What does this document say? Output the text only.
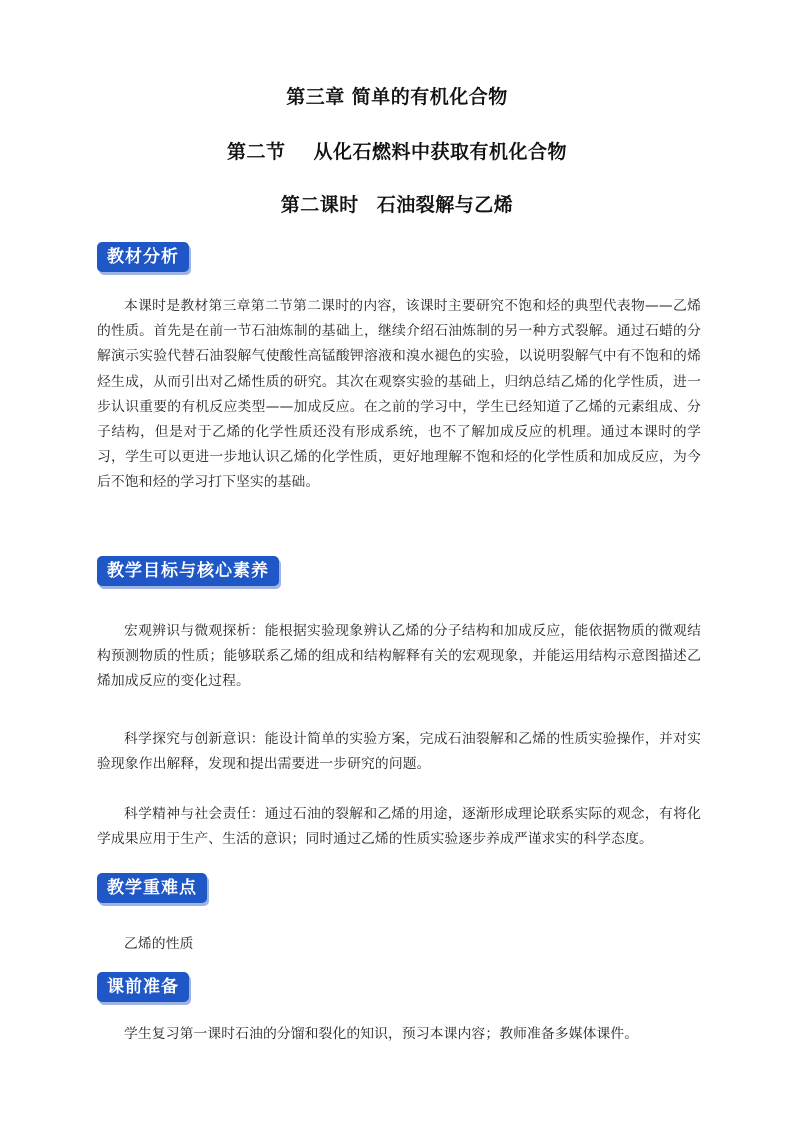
第三章 简单的有机化合物
第二节 从化石燃料中获取有机化合物
第二课时 石油裂解与乙烯
教材分析
本课时是教材第三章第二节第二课时的内容，该课时主要研究不饱和烃的典型代表物——乙烯的性质。首先是在前一节石油炼制的基础上，继续介绍石油炼制的另一种方式裂解。通过石蜡的分解演示实验代替石油裂解气使酸性高锰酸钾溶液和溴水褪色的实验，以说明裂解气中有不饱和的烯烃生成，从而引出对乙烯性质的研究。其次在观察实验的基础上，归纳总结乙烯的化学性质，进一步认识重要的有机反应类型——加成反应。在之前的学习中，学生已经知道了乙烯的元素组成、分子结构，但是对于乙烯的化学性质还没有形成系统，也不了解加成反应的机理。通过本课时的学习，学生可以更进一步地认识乙烯的化学性质，更好地理解不饱和烃的化学性质和加成反应，为今后不饱和烃的学习打下坚实的基础。
教学目标与核心素养
宏观辨识与微观探析：能根据实验现象辨认乙烯的分子结构和加成反应，能依据物质的微观结构预测物质的性质；能够联系乙烯的组成和结构解释有关的宏观现象，并能运用结构示意图描述乙烯加成反应的变化过程。
科学探究与创新意识：能设计简单的实验方案，完成石油裂解和乙烯的性质实验操作，并对实验现象作出解释，发现和提出需要进一步研究的问题。
科学精神与社会责任：通过石油的裂解和乙烯的用途，逐渐形成理论联系实际的观念，有将化学成果应用于生产、生活的意识；同时通过乙烯的性质实验逐步养成严谨求实的科学态度。
教学重难点
乙烯的性质
课前准备
学生复习第一课时石油的分馏和裂化的知识，预习本课内容；教师准备多媒体课件。
